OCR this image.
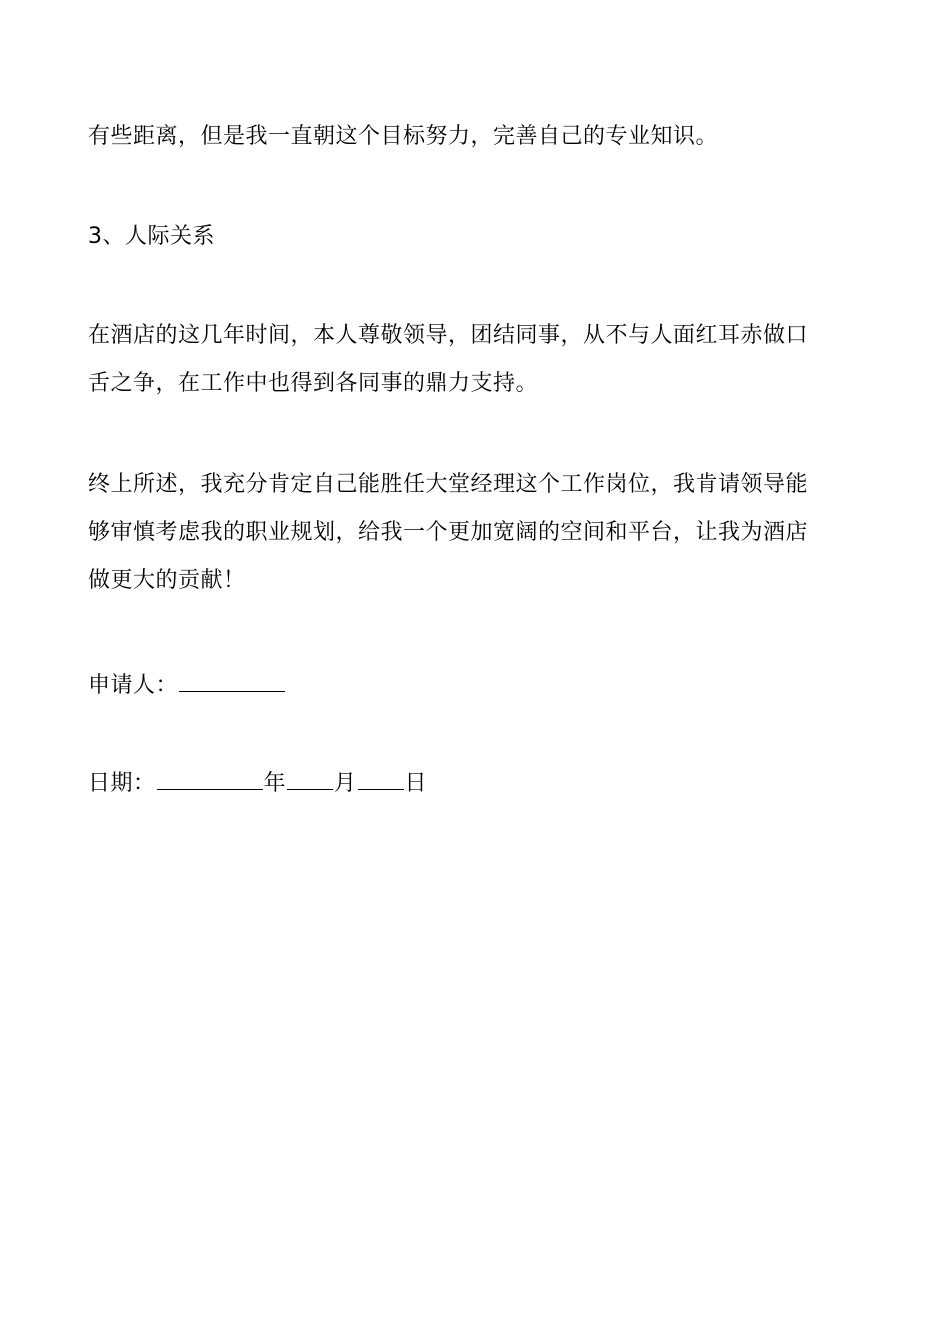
有些距离，但是我一直朝这个目标努力，完善自己的专业知识。
3、人际关系
在酒店的这几年时间，本人尊敬领导，团结同事，从不与人面红耳赤做口
舌之争，在工作中也得到各同事的鼎力支持。
终上所述，我充分肯定自己能胜任大堂经理这个工作岗位，我肯请领导能
够审慎考虑我的职业规划，给我一个更加宽阔的空间和平台，让我为酒店
做更大的贡献！
申请人：
日期：	年 月 日
